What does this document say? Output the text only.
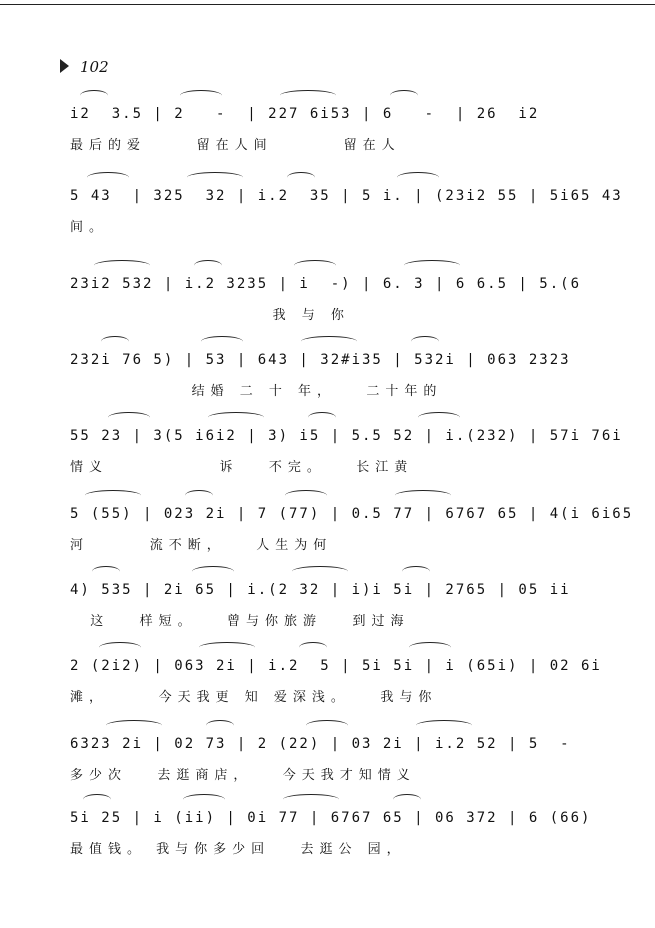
102
i2  3.5 | 2   -  | 227 6i53 | 6   -  | 26  i2
最后的爱     留在人间       留在人
5 43  | 325  32 | i.2  35 | 5 i. | (23i2 55 | 5i65 43
间。
23i2 532 | i.2 3235 | i  -) | 6. 3 | 6 6.5 | 5.(6
我 与 你
232i 76 5) | 53 | 643 | 32#i35 | 532i | 063 2323
结婚 二 十 年，   二十年的
55 23 | 3(5 i6i2 | 3) i5 | 5.5 52 | i.(232) | 57i 76i
情义           诉   不完。   长江黄
5 (55) | 023 2i | 7 (77) | 0.5 77 | 6767 65 | 4(i 6i65
河      流不断，   人生为何
4) 535 | 2i 65 | i.(2 32 | i)i 5i | 2765 | 05 ii
这   样短。   曾与你旅游   到过海
2 (2i2) | 063 2i | i.2  5 | 5i 5i | i (65i) | 02 6i
滩，     今天我更 知 爱深浅。   我与你
6323 2i | 02 73 | 2 (22) | 03 2i | i.2 52 | 5  -
多少次   去逛商店，   今天我才知情义
5i 25 | i (ii) | 0i 77 | 6767 65 | 06 372 | 6 (66)
最值钱。 我与你多少回   去逛公 园，
